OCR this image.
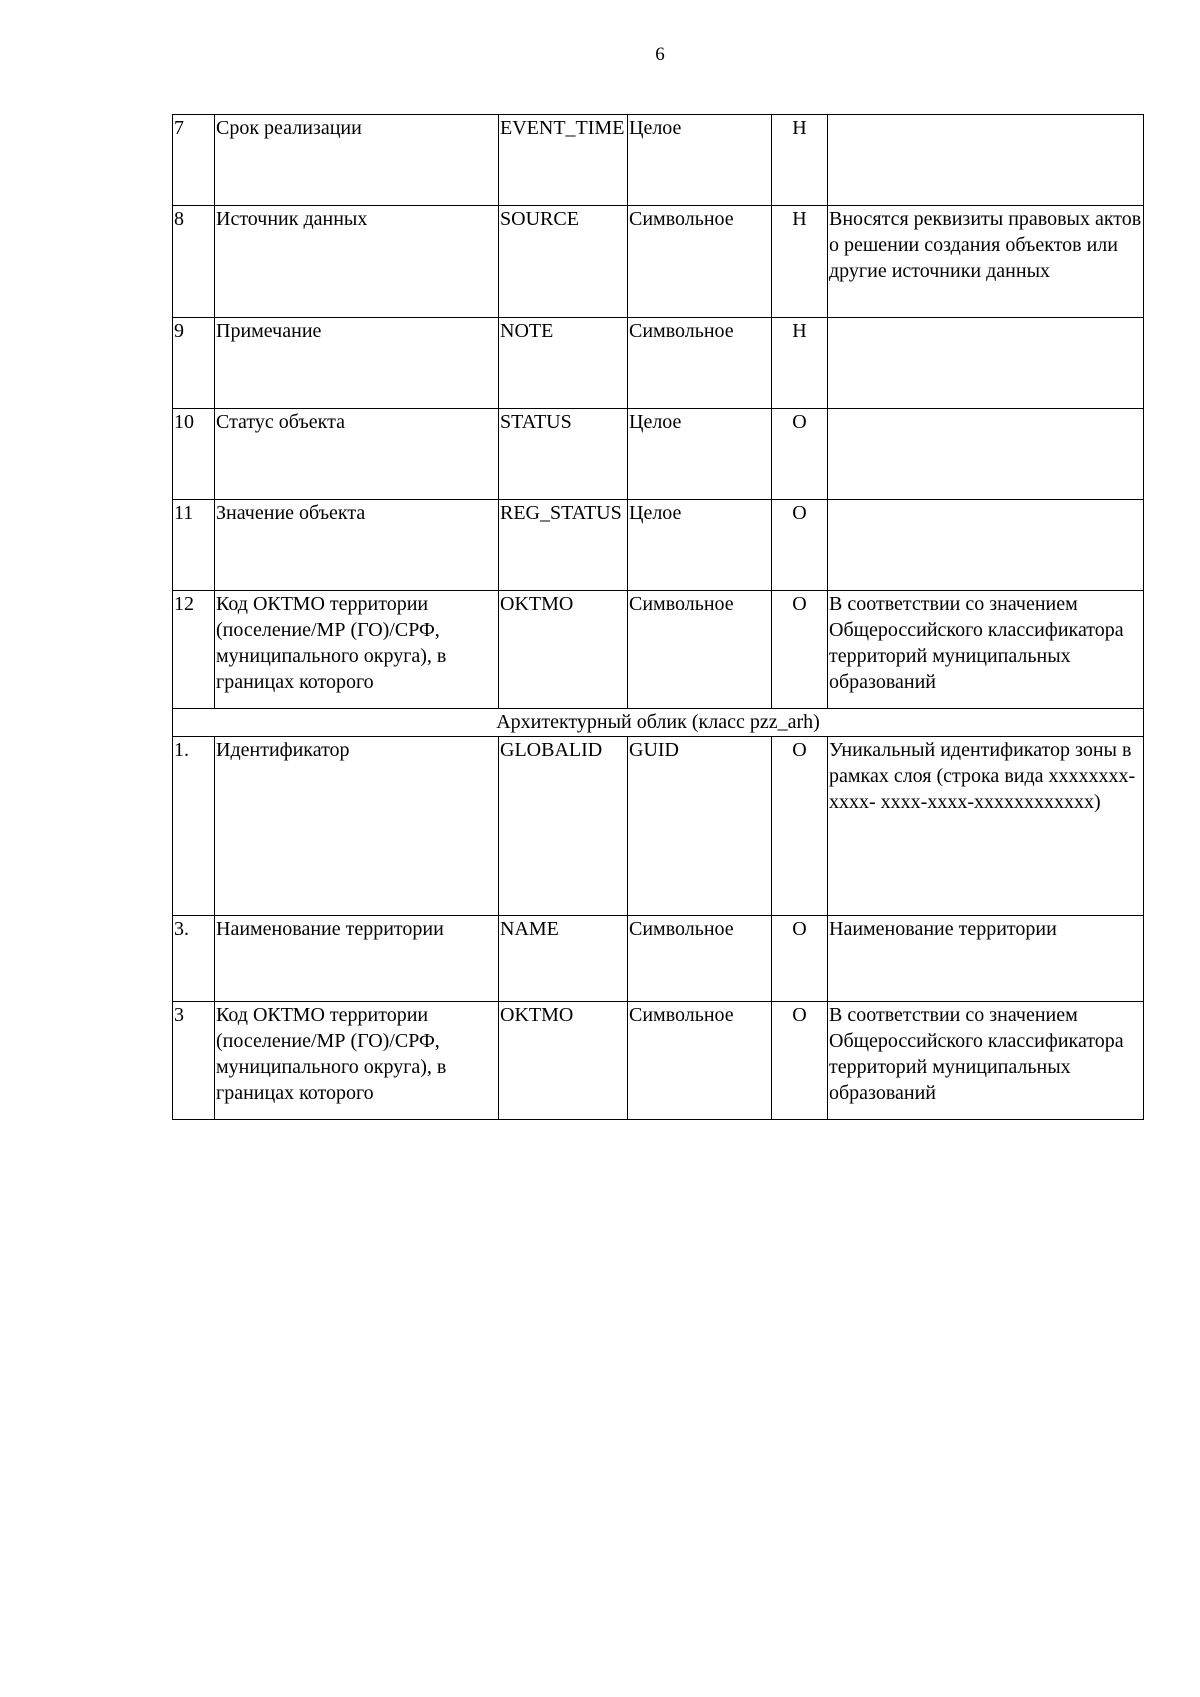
6
7	Срок реализации	EVENT_TIME	Целое	Н	
8	Источник данных	SOURCE	Символьное	Н	Вносятся реквизиты правовых актов о решении создания объектов или другие источники данных
9	Примечание	NOTE	Символьное	Н	
10	Статус объекта	STATUS	Целое	О	
11	Значение объекта	REG_STATUS	Целое	О	
12	Код ОКТМО территории (поселение/МР (ГО)/СРФ, муниципального округа), в границах которого	OKTMO	Символьное	О	В соответствии со значением Общероссийского классификатора территорий муниципальных образований
Архитектурный облик (класс pzz_arh)					
1.	Идентификатор	GLOBALID	GUID	О	Уникальный идентификатор зоны в рамках слоя (строка вида xxxxxxxx-xxxx- xxxx-xxxx-xxxxxxxxxxxx)
3.	Наименование территории	NAME	Символьное	О	Наименование территории
3	Код ОКТМО территории (поселение/МР (ГО)/СРФ, муниципального округа), в границах которого	OKTMO	Символьное	О	В соответствии со значением Общероссийского классификатора территорий муниципальных образований
